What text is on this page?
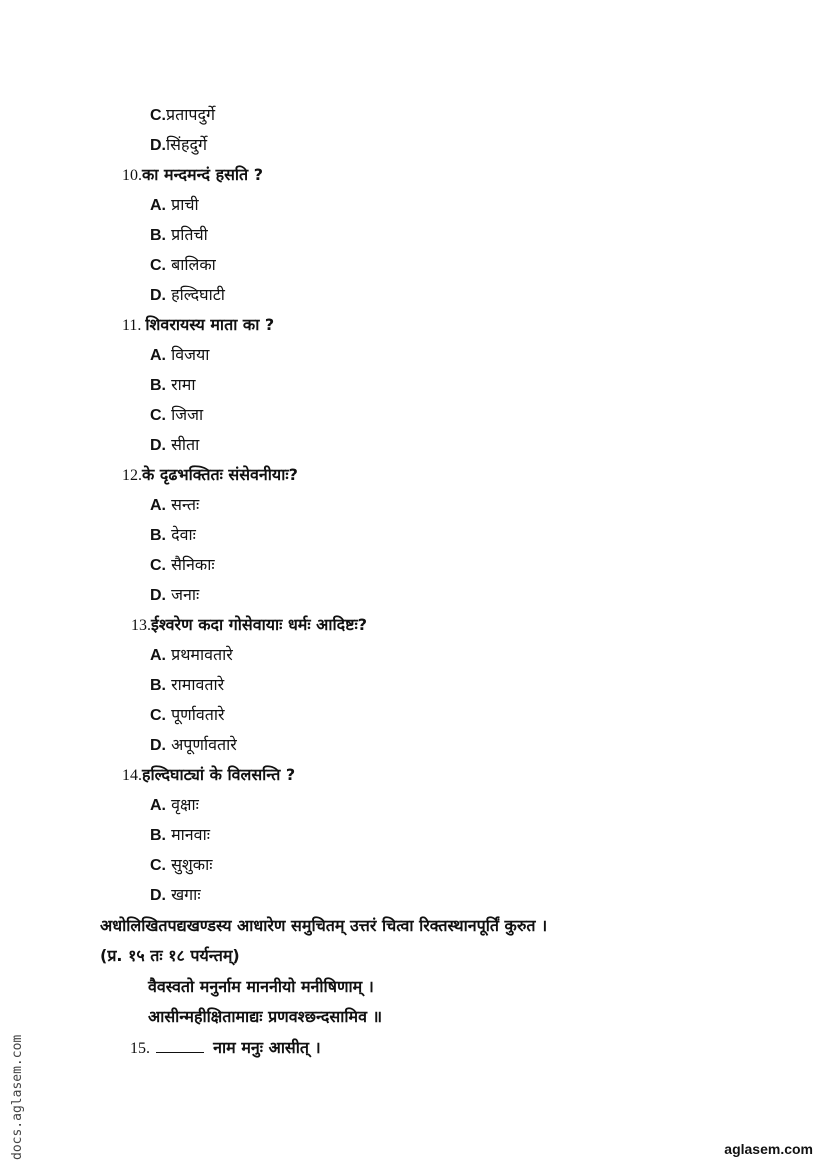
C.प्रतापदुर्गे
D.सिंहदुर्गे
10.का मन्दमन्दं हसति ?
A. प्राची
B. प्रतिची
C. बालिका
D. हल्दिघाटी
11. शिवरायस्य माता का ?
A. विजया
B. रामा
C. जिजा
D. सीता
12.के दृढभक्तितः संसेवनीयाः?
A. सन्तः
B. देवाः
C. सैनिकाः
D. जनाः
13.ईश्वरेण कदा गोसेवायाः धर्मः आदिष्टः?
A. प्रथमावतारे
B. रामावतारे
C. पूर्णावतारे
D. अपूर्णावतारे
14.हल्दिघाट्यां के विलसन्ति ?
A. वृक्षाः
B. मानवाः
C. सुशुकाः
D. खगाः
अधोलिखितपद्यखण्डस्य आधारेण समुचितम् उत्तरं चित्वा रिक्तस्थानपूर्तिं कुरुत ।
(प्र. १५ तः १८ पर्यन्तम्)
वैवस्वतो मनुर्नाम माननीयो मनीषिणाम् ।
आसीन्महीक्षितामाद्यः प्रणवश्छन्दसामिव ॥
15.	नाम मनुः आसीत् ।
docs.aglasem.com	aglasem.com
